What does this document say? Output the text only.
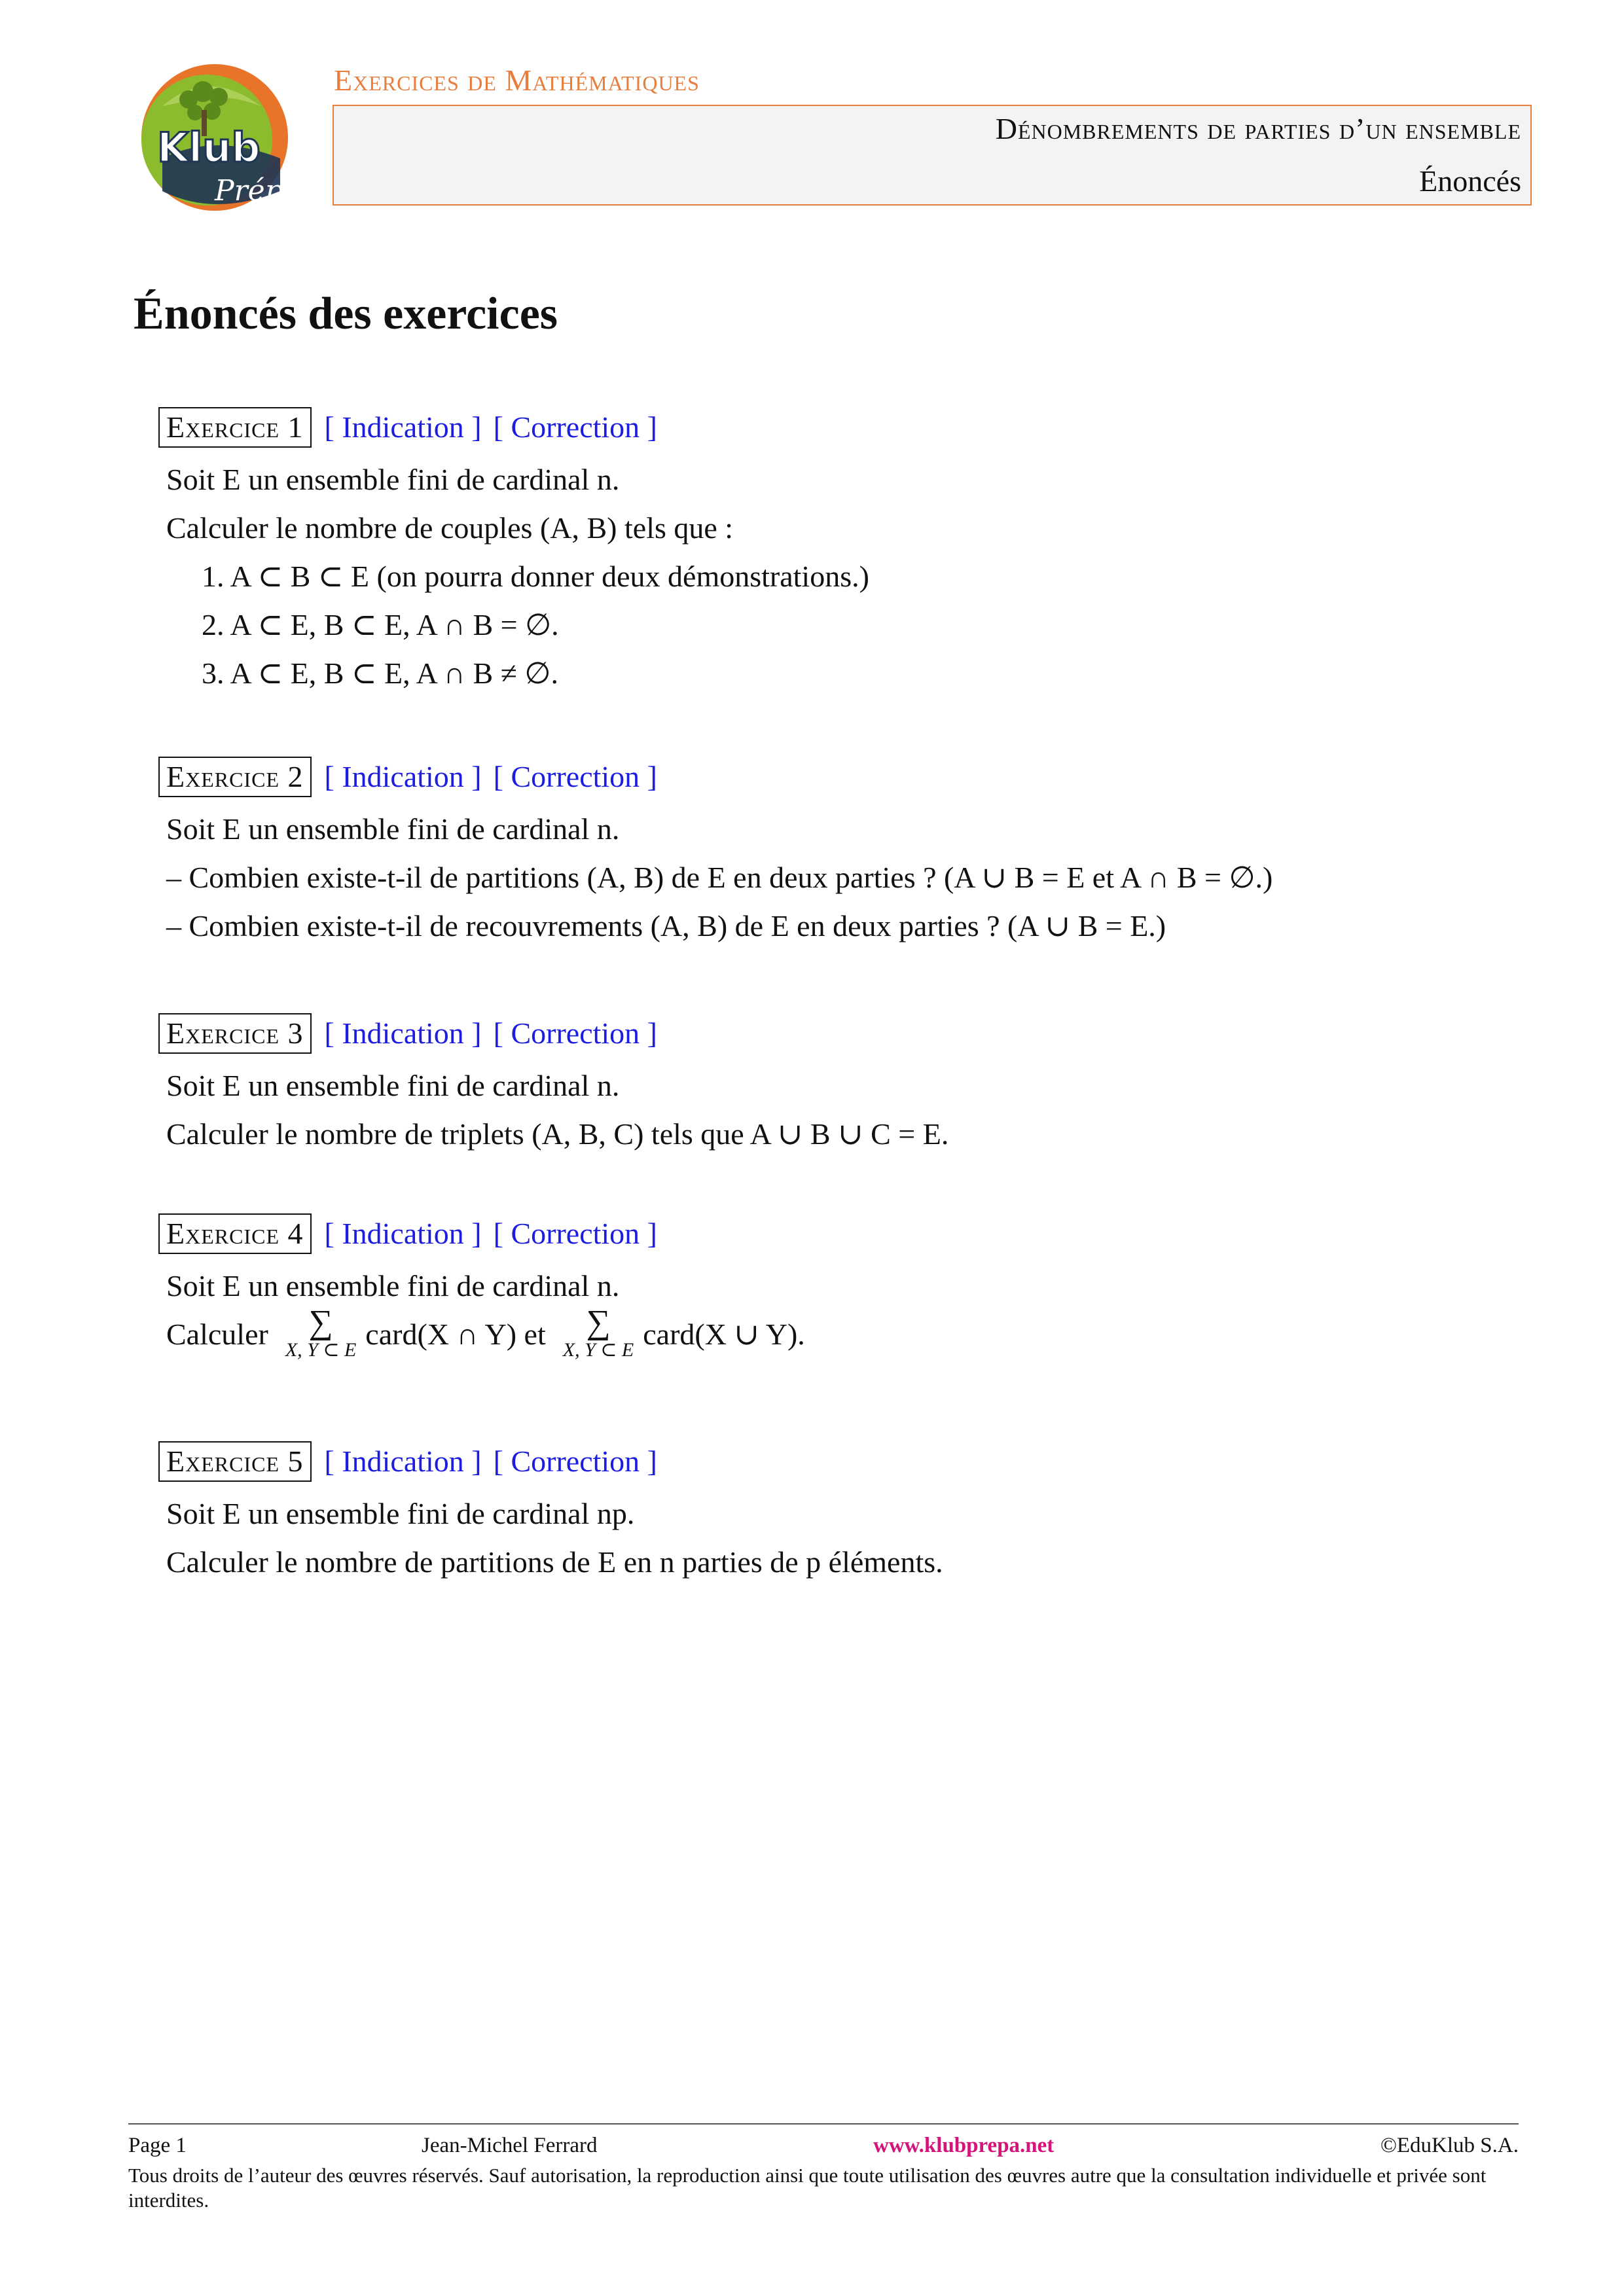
Klub
Prépa
Exercices de Mathématiques
Dénombrements de parties d’un ensemble
Énoncés
Énoncés des exercices
Exercice 1 [ Indication ] [ Correction ]
Soit E un ensemble fini de cardinal n.
Calculer le nombre de couples (A, B) tels que :
1. A ⊂ B ⊂ E (on pourra donner deux démonstrations.)
2. A ⊂ E, B ⊂ E, A ∩ B = ∅.
3. A ⊂ E, B ⊂ E, A ∩ B ≠ ∅.
Exercice 2 [ Indication ] [ Correction ]
Soit E un ensemble fini de cardinal n.
– Combien existe-t-il de partitions (A, B) de E en deux parties ? (A ∪ B = E et A ∩ B = ∅.)
– Combien existe-t-il de recouvrements (A, B) de E en deux parties ? (A ∪ B = E.)
Exercice 3 [ Indication ] [ Correction ]
Soit E un ensemble fini de cardinal n.
Calculer le nombre de triplets (A, B, C) tels que A ∪ B ∪ C = E.
Exercice 4 [ Indication ] [ Correction ]
Soit E un ensemble fini de cardinal n.
Calculer ∑
X, Y ⊂ E card(X ∩ Y) et ∑
X, Y ⊂ E card(X ∪ Y).
Exercice 5 [ Indication ] [ Correction ]
Soit E un ensemble fini de cardinal np.
Calculer le nombre de partitions de E en n parties de p éléments.
Page 1	Jean-Michel Ferrard	www.klubprepa.net	©EduKlub S.A.
Tous droits de l’auteur des œuvres réservés. Sauf autorisation, la reproduction ainsi que toute utilisation des œuvres autre que la consultation individuelle et privée sont interdites.
